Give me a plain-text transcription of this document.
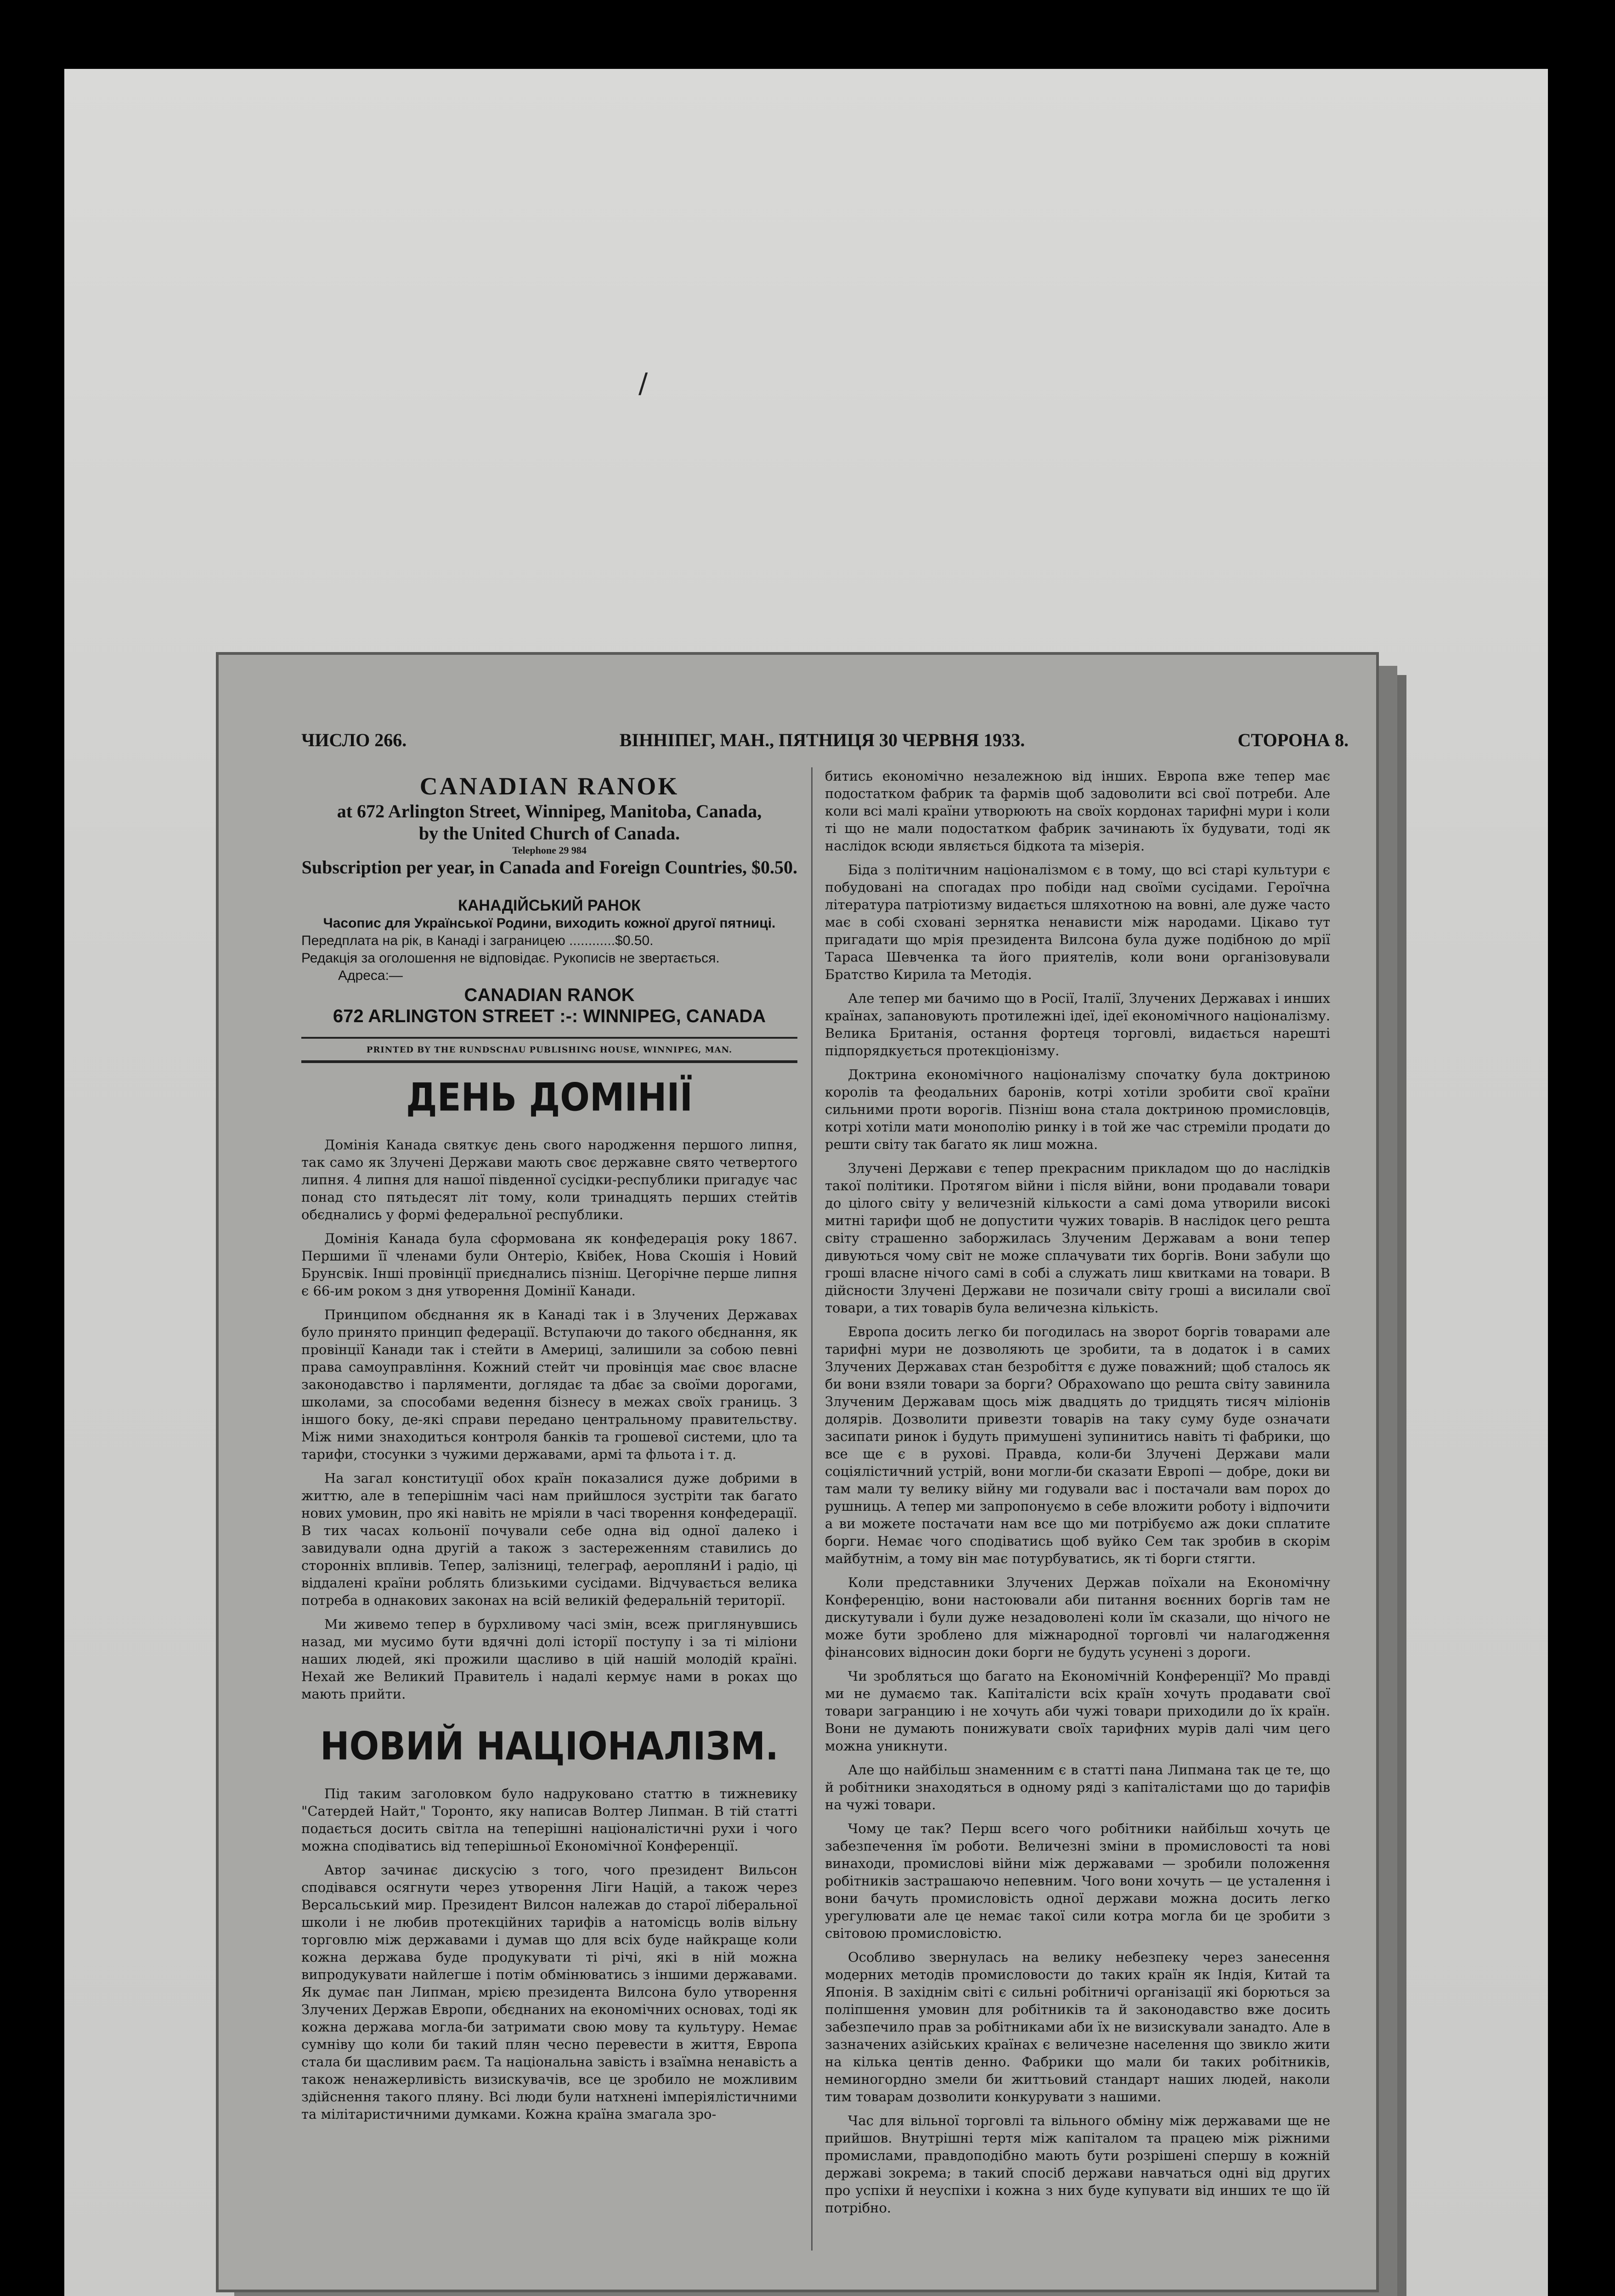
/
ЧИСЛО 266.	ВІННІПЕГ, МАН., ПЯТНИЦЯ 30 ЧЕРВНЯ 1933.	СТОРОНА 8.
CANADIAN RANOK
at 672 Arlington Street, Winnipeg, Manitoba, Canada,
by the United Church of Canada.
Telephone 29 984
Subscription per year, in Canada and Foreign Countries, $0.50.
КАНАДІЙСЬКИЙ РАНОК
Часопис для Української Родини, виходить кожної другої пятниці.
Передплата на рік, в Канаді і заграницею ............$0.50.
Редакція за оголошення не відповідає. Рукописів не звертається.
Адреса:—
CANADIAN RANOK
672 ARLINGTON STREET :-: WINNIPEG, CANADA
PRINTED BY THE RUNDSCHAU PUBLISHING HOUSE, WINNIPEG, MAN.
ДЕНЬ ДОМІНІЇ

Домінія Канада святкує день свого народження першого липня, так само як Злучені Держави мають своє державне свято четвертого липня. 4 липня для нашої південної сусідки-республики пригадує час понад сто пятьдесят літ тому, коли тринадцять перших стейтів обєднались у формі федеральної республики.

Домінія Канада була сформована як конфедерація року 1867. Першими її членами були Онтеріо, Квібек, Нова Скошія і Новий Брунсвік. Інші провінції приєднались пізніш. Цегорічне перше липня є 66-им роком з дня утворення Домінії Канади.

Принципом обєднання як в Канаді так і в Злучених Державах було принято принцип федерації. Вступаючи до такого обєднання, як провінції Канади так і стейти в Америці, залишили за собою певні права самоуправління. Кожний стейт чи провінція має своє власне законодавство і парляменти, доглядає та дбає за своїми дорогами, школами, за способами ведення бізнесу в межах своїх границь. З іншого боку, де-які справи передано центральному правительству. Між ними знаходиться контроля банків та грошевої системи, цло та тарифи, стосунки з чужими державами, армі та фльота і т. д.

На загал конституції обох країн показалися дуже добрими в життю, але в теперішнім часі нам прийшлося зустріти так багато нових умовин, про які навіть не мріяли в часі творення конфедерації. В тих часах кольонії почували себе одна від одної далеко і завидували одна другій а також з застереженням ставились до сторонніх впливів. Тепер, залізниці, телеграф, аероплянИ і радіо, ці віддалені країни роблять близькими сусідами. Відчувається велика потреба в однакових законах на всій великій федеральній території.

Ми живемо тепер в бурхливому часі змін, всеж приглянувшись назад, ми мусимо бути вдячні долі історії поступу і за ті міліони наших людей, які прожили щасливо в цій нашій молодій країні. Нехай же Великий Правитель і надалі кермує нами в роках що мають прийти.

НОВИЙ НАЦІОНАЛІЗМ.

Під таким заголовком було надруковано статтю в тижневику "Сатердей Найт," Торонто, яку написав Волтер Липман. В тій статті подається досить світла на теперішні націоналістичні рухи і чого можна сподіватись від теперішньої Економічної Конференції.

Автор зачинає дискусію з того, чого президент Вильсон сподівався осягнути через утворення Ліги Націй, а також через Версальський мир. Президент Вилсон належав до старої ліберальної школи і не любив протекційних тарифів а натомісць волів вільну торговлю між державами і думав що для всіх буде найкраще коли кожна держава буде продукувати ті річі, які в ній можна випродукувати найлегше і потім обмінюватись з іншими державами. Як думає пан Липман, мрією президента Вилсона було утворення Злучених Держав Европи, обєднаних на економічних основах, тоді як кожна держава могла-би затримати свою мову та культуру. Немає сумніву що коли би такий плян чесно перевести в життя, Европа стала би щасливим раєм. Та національна завість і взаїмна ненавість а також ненажерливість визискувачів, все це зробило не можливим здійснення такого пляну. Всі люди були натхнені імперіялістичними та мілітаристичними думками. Кожна країна змагала зро-

битись економічно незалежною від інших. Европа вже тепер має подостатком фабрик та фармів щоб задоволити всі свої потреби. Але коли всі малі країни утворюють на своїх кордонах тарифні мури і коли ті що не мали подостатком фабрик зачинають їх будувати, тоді як наслідок всюди являється бідкота та мізерія.

Біда з політичним націоналізмом є в тому, що всі старі культури є побудовані на спогадах про побіди над своїми сусідами. Героїчна література патріотизму видається шляхотною на вовні, але дуже часто має в собі сховані зерняткa ненависти між народами. Цікаво тут пригадати що мрія президента Вилсона була дуже подібною до мрії Тараса Шевченка та його приятелів, коли вони організовували Братство Кирила та Методія.

Але тепер ми бачимо що в Росії, Італії, Злучених Державах і инших країнах, запановують протилежні ідеї, ідеї економічного націоналізму. Велика Британія, остання фортеця торговлі, видається нарешті підпорядкується протекціонізму.

Доктрина економічного націоналізму спочатку була доктриною королів та феодальних баронів, котрі хотіли зробити свої країни сильними проти ворогів. Пізніш вона стала доктриною промисловців, котрі хотіли мати монополію ринку і в той же час стреміли продати до решти світу так багато як лиш можна.

Злучені Держави є тепер прекрасним прикладом що до наслідків такої політики. Протягом війни і після війни, вони продавали товари до цілого світу у величезній кількости а самі дома утворили високі митні тарифи щоб не допустити чужих товарів. В наслідок цего решта світу страшенно заборжилась Злученим Державам а вони тепер дивуються чому світ не може сплачувати тих боргів. Вони забули що гроші власне нічого самі в собі а служать лиш квитками на товари. В дійсности Злучені Держави не позичали світу гроші а висилали свої товари, а тих товарів була величезна кількість.

Европа досить легко би погодилась на зворот боргів товарами але тарифні мури не дозволяють це зробити, та в додаток і в самих Злучених Державах стан безробіття є дуже поважний; щоб сталось як би вони взяли товари за борги? Обрахowano що решта світу завинила Злученим Державам щось між двадцять до тридцять тисяч міліонів долярів. Дозволити привезти товарів на таку суму буде означати засипати ринок і будуть примушені зупинитись навіть ті фабрики, що все ще є в руховi. Правда, коли-би Злучені Держави мали соціялістичний устрій, вони могли-би сказати Европі — добре, доки ви там мали ту велику війну ми годували вас і постачали вам порох до рушниць. А тепер ми запропонуємо в себе вложити роботу і відпочити а ви можете постачати нам все що ми потрібуємо аж доки сплатите борги. Немає чого сподіватись щоб вуйко Сем так зробив в скорім майбутнім, а тому він має потурбуватись, як ті борги стягти.

Коли представники Злучених Держав поїхали на Економічну Конференцію, вони настоювали аби питання воєнних боргів там не дискутували і були дуже незадоволені коли їм сказали, що нічого не може бути зроблено для міжнародної торговлі чи налагодження фінансових відносин доки борги не будуть усунені з дороги.

Чи зробляться що багато на Економічній Конференції? Мо правді ми не думаємо так. Капіталісти всіх країн хочуть продавати свої товари загранцию і не хочуть аби чужі товари приходили до їх країн. Вони не думають понижувати своїх тарифних мурів далі чим цего можна уникнути.

Але що найбільш знаменним є в статті пана Липмана так це те, що й робітники знаходяться в одному ряді з капіталістами що до тарифів на чужі товари.

Чому це так? Перш всего чого робітники найбільш хочуть це забезпечення їм роботи. Величезні зміни в промисловості та нові винаходи, промислові війни між державами — зробили положення робітників застрашаючо непевним. Чого вони хочуть — це усталення і вони бачуть промисловість одної держави можна досить легко урегулювати але це немає такої сили котра могла би це зробити з світовою промисловістю.

Особливо звернулась на велику небезпеку через занесення модерних методів промисловости до таких країн як Індія, Китай та Японія. В західнім світі є сильні робітничі організації які борються за поліпшення умовин для робітників та й законодавство вже досить забезпечило прав за робітниками аби їх не визискували занадто. Але в зазначених азійських країнах є величезне населення що звикло жити на кілька центів денно. Фабрики що мали би таких робітників, неминогордно змели би життьовий стандарт наших людей, наколи тим товарам дозволити конкурувати з нашими.

Час для вільної торговлі та вільного обміну між державами ще не прийшов. Внутрішні тертя між капіталом та працею між ріжними промислами, правдоподібно мають бути розрішені спершу в кожній державі зокрема; в такий спосіб держави навчаться одні від других про успіхи й неуспіхи і кожна з них буде купувати від инших те що їй потрібно.
